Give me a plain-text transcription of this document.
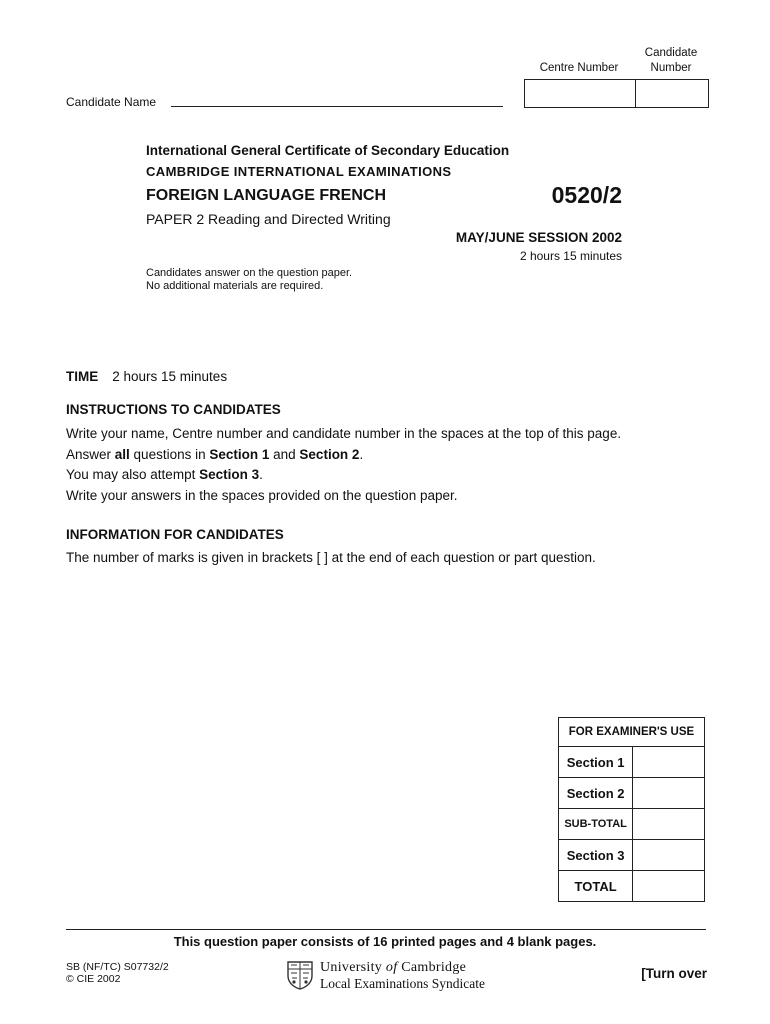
Centre Number
Candidate
Number
Candidate Name
International General Certificate of Secondary Education
CAMBRIDGE INTERNATIONAL EXAMINATIONS
FOREIGN LANGUAGE FRENCH	0520/2
PAPER 2 Reading and Directed Writing
MAY/JUNE SESSION 2002
2 hours 15 minutes
Candidates answer on the question paper.
No additional materials are required.
TIME 2 hours 15 minutes
INSTRUCTIONS TO CANDIDATES
Write your name, Centre number and candidate number in the spaces at the top of this page.
Answer all questions in Section 1 and Section 2.
You may also attempt Section 3.
Write your answers in the spaces provided on the question paper.
INFORMATION FOR CANDIDATES
The number of marks is given in brackets [ ] at the end of each question or part question.
FOR EXAMINER'S USE	
Section 1	
Section 2	
SUB-TOTAL	
Section 3	
TOTAL	
This question paper consists of 16 printed pages and 4 blank pages.
SB (NF/TC) S07732/2
© CIE 2002
University of Cambridge
Local Examinations Syndicate
[Turn over
